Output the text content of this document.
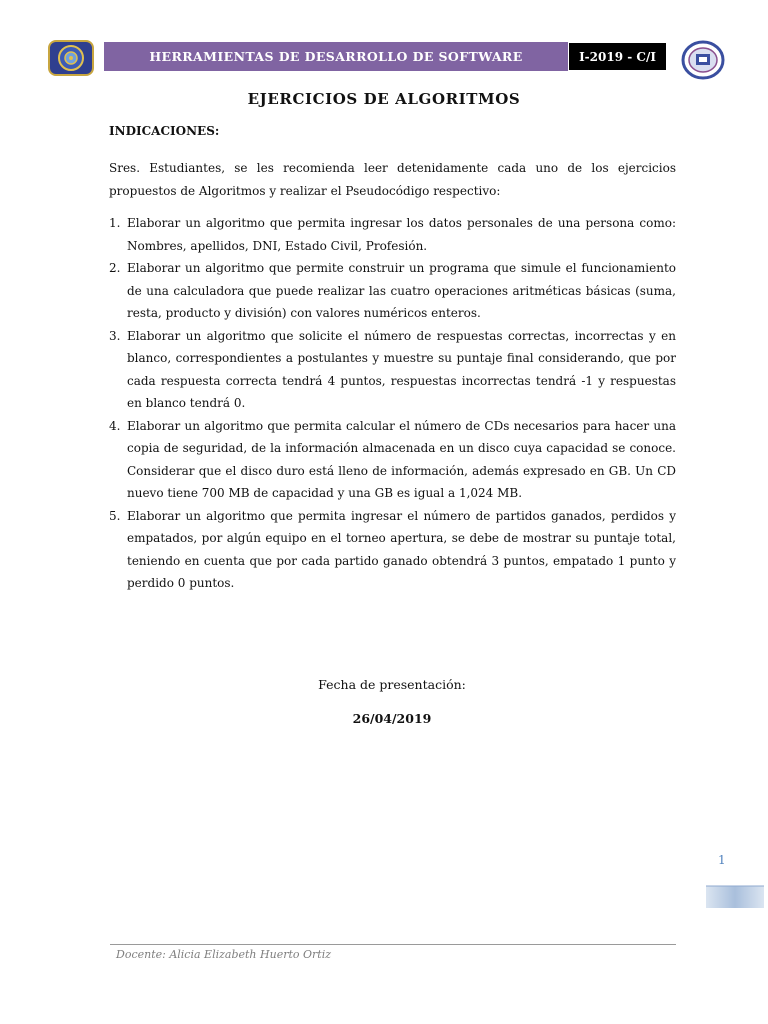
HERRAMIENTAS DE DESARROLLO DE SOFTWARE	I-2019 - C/I
EJERCICIOS DE ALGORITMOS
INDICACIONES:
Sres. Estudiantes, se les recomienda leer detenidamente cada uno de los ejercicios propuestos de Algoritmos y realizar el Pseudocódigo respectivo:
1. Elaborar un algoritmo que permita ingresar los datos personales de una persona como: Nombres, apellidos, DNI, Estado Civil, Profesión.
2. Elaborar un algoritmo que permite construir un programa que simule el funcionamiento de una calculadora que puede realizar las cuatro operaciones aritméticas básicas (suma, resta, producto y división) con valores numéricos enteros.
3. Elaborar un algoritmo que solicite el número de respuestas correctas, incorrectas y en blanco, correspondientes a postulantes y muestre su puntaje final considerando, que por cada respuesta correcta tendrá 4 puntos, respuestas incorrectas tendrá -1 y respuestas en blanco tendrá 0.
4. Elaborar un algoritmo que permita calcular el número de CDs necesarios para hacer una copia de seguridad, de la información almacenada en un disco cuya capacidad se conoce. Considerar que el disco duro está lleno de información, además expresado en GB. Un CD nuevo tiene 700 MB de capacidad y una GB es igual a 1,024 MB.
5. Elaborar un algoritmo que permita ingresar el número de partidos ganados, perdidos y empatados, por algún equipo en el torneo apertura, se debe de mostrar su puntaje total, teniendo en cuenta que por cada partido ganado obtendrá 3 puntos, empatado 1 punto y perdido 0 puntos.
Fecha de presentación:
26/04/2019
1
Docente: Alicia Elizabeth Huerto Ortiz
